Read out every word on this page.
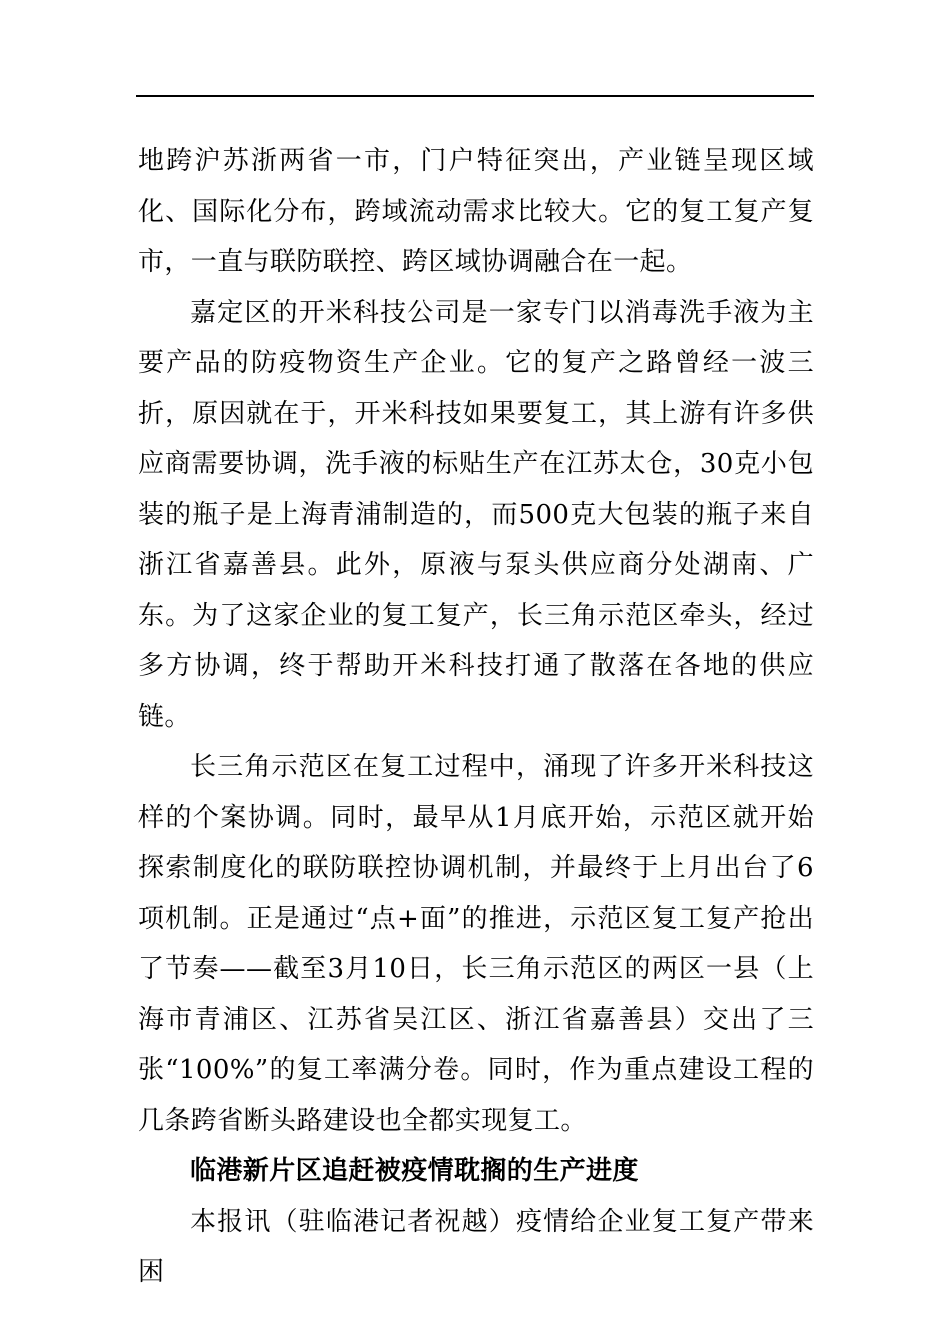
地跨沪苏浙两省一市，门户特征突出，产业链呈现区域化、国际化分布，跨域流动需求比较大。它的复工复产复市，一直与联防联控、跨区域协调融合在一起。

嘉定区的开米科技公司是一家专门以消毒洗手液为主要产品的防疫物资生产企业。它的复产之路曾经一波三折，原因就在于，开米科技如果要复工，其上游有许多供应商需要协调，洗手液的标贴生产在江苏太仓，30克小包装的瓶子是上海青浦制造的，而500克大包装的瓶子来自浙江省嘉善县。此外，原液与泵头供应商分处湖南、广东。为了这家企业的复工复产，长三角示范区牵头，经过多方协调，终于帮助开米科技打通了散落在各地的供应链。

长三角示范区在复工过程中，涌现了许多开米科技这样的个案协调。同时，最早从1月底开始，示范区就开始探索制度化的联防联控协调机制，并最终于上月出台了6项机制。正是通过“点+面”的推进，示范区复工复产抢出了节奏——截至3月10日，长三角示范区的两区一县（上海市青浦区、江苏省吴江区、浙江省嘉善县）交出了三张“100%”的复工率满分卷。同时，作为重点建设工程的几条跨省断头路建设也全都实现复工。

临港新片区追赶被疫情耽搁的生产进度

本报讯（驻临港记者祝越）疫情给企业复工复产带来困
